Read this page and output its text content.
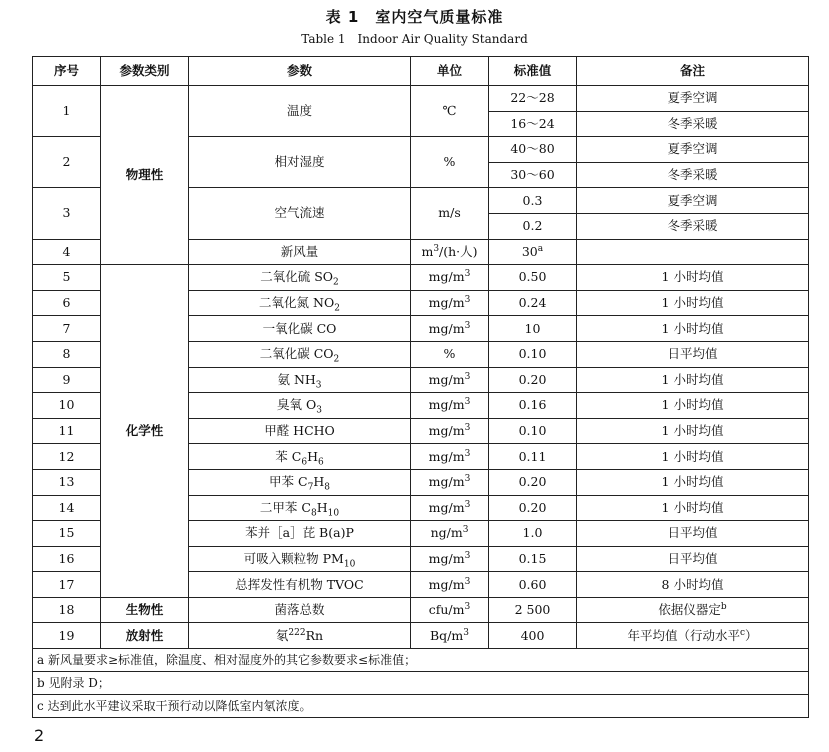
表 1　室内空气质量标准
Table 1　Indoor Air Quality Standard
序号	参数类别	参数	单位	标准值	备注
1	物理性	温度	℃	22～28	夏季空调
				16～24	冬季采暖
2		相对湿度	%	40～80	夏季空调
				30～60	冬季采暖
3		空气流速	m/s	0.3	夏季空调
				0.2	冬季采暖
4		新风量	$m^3/(h\cdot$人)	30$^a$	
5	化学性	二氧化硫 $SO_2$	$mg/m^3$	0.50	1 小时均值
6		二氧化氮 $NO_2$	$mg/m^3$	0.24	1 小时均值
7		一氧化碳 CO	$mg/m^3$	10	1 小时均值
8		二氧化碳 $CO_2$	%	0.10	日平均值
9		氨 $NH_3$	$mg/m^3$	0.20	1 小时均值
10		臭氧 $O_3$	$mg/m^3$	0.16	1 小时均值
11		甲醛 HCHO	$mg/m^3$	0.10	1 小时均值
12		苯 $C_6H_6$	$mg/m^3$	0.11	1 小时均值
13		甲苯 $C_7H_8$	$mg/m^3$	0.20	1 小时均值
14		二甲苯 $C_8H_{10}$	$mg/m^3$	0.20	1 小时均值
15		苯并［a］芘 B(a)P	$ng/m^3$	1.0	日平均值
16		可吸入颗粒物 $PM_{10}$	$mg/m^3$	0.15	日平均值
17		总挥发性有机物 TVOC	$mg/m^3$	0.60	8 小时均值
18	生物性	菌落总数	cfu/$m^3$	2 500	依据仪器定$^b$
19	放射性	氡$^{222}$Rn	$Bq/m^3$	400	年平均值（行动水平$^c$）
a 新风量要求≥标准值，除温度、相对湿度外的其它参数要求≤标准值；					
b 见附录 D；					
c 达到此水平建议采取干预行动以降低室内氡浓度。					
2
